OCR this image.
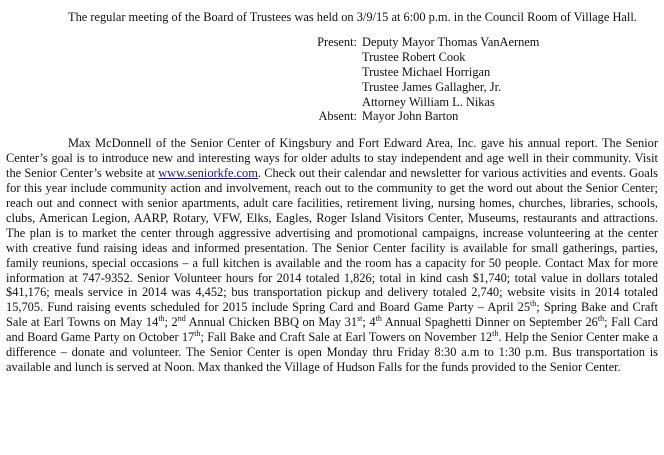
The regular meeting of the Board of Trustees was held on 3/9/15 at 6:00 p.m. in the Council Room of Village Hall.

Present: Deputy Mayor Thomas VanAernem
Trustee Robert Cook
Trustee Michael Horrigan
Trustee James Gallagher, Jr.
Attorney William L. Nikas
Absent: Mayor John Barton

Max McDonnell of the Senior Center of Kingsbury and Fort Edward Area, Inc. gave his annual report. The Senior Center’s goal is to introduce new and interesting ways for older adults to stay independent and age well in their community. Visit the Senior Center’s website at www.seniorkfe.com. Check out their calendar and newsletter for various activities and events. Goals for this year include community action and involvement, reach out to the community to get the word out about the Senior Center; reach out and connect with senior apartments, adult care facilities, retirement living, nursing homes, churches, libraries, schools, clubs, American Legion, AARP, Rotary, VFW, Elks, Eagles, Roger Island Visitors Center, Museums, restaurants and attractions. The plan is to market the center through aggressive advertising and promotional campaigns, increase volunteering at the center with creative fund raising ideas and informed presentation. The Senior Center facility is available for small gatherings, parties, family reunions, special occasions – a full kitchen is available and the room has a capacity for 50 people. Contact Max for more information at 747-9352. Senior Volunteer hours for 2014 totaled 1,826; total in kind cash $1,740; total value in dollars totaled $41,176; meals service in 2014 was 4,452; bus transportation pickup and delivery totaled 2,740; website visits in 2014 totaled 15,705. Fund raising events scheduled for 2015 include Spring Card and Board Game Party – April 25th; Spring Bake and Craft Sale at Earl Towns on May 14th; 2nd Annual Chicken BBQ on May 31st; 4th Annual Spaghetti Dinner on September 26th; Fall Card and Board Game Party on October 17th; Fall Bake and Craft Sale at Earl Towers on November 12th. Help the Senior Center make a difference – donate and volunteer. The Senior Center is open Monday thru Friday 8:30 a.m to 1:30 p.m. Bus transportation is available and lunch is served at Noon. Max thanked the Village of Hudson Falls for the funds provided to the Senior Center.
